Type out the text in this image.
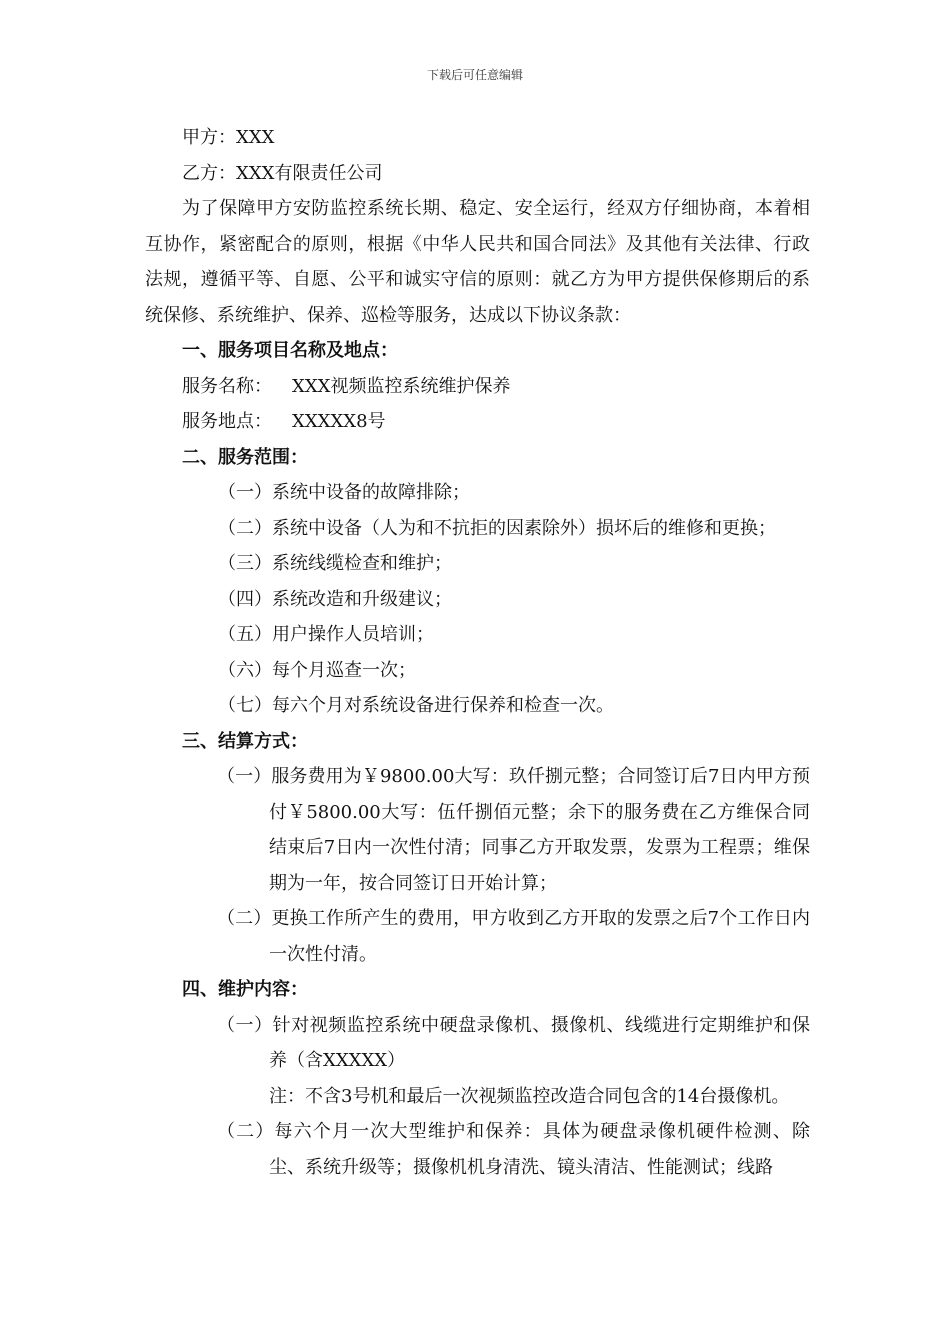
下载后可任意编辑
甲方：XXX
乙方：XXX有限责任公司
为了保障甲方安防监控系统长期、稳定、安全运行，经双方仔细协商，本着相互协作，紧密配合的原则，根据《中华人民共和国合同法》及其他有关法律、行政法规，遵循平等、自愿、公平和诚实守信的原则：就乙方为甲方提供保修期后的系统保修、系统维护、保养、巡检等服务，达成以下协议条款：
一、服务项目名称及地点：
服务名称： XXX视频监控系统维护保养
服务地点： XXXXX8号
二、服务范围：
（一）系统中设备的故障排除；
（二）系统中设备（人为和不抗拒的因素除外）损坏后的维修和更换；
（三）系统线缆检查和维护；
（四）系统改造和升级建议；
（五）用户操作人员培训；
（六）每个月巡查一次；
（七）每六个月对系统设备进行保养和检查一次。
三、结算方式：
（一）服务费用为￥9800.00大写：玖仟捌元整；合同签订后7日内甲方预付￥5800.00大写：伍仟捌佰元整；余下的服务费在乙方维保合同结束后7日内一次性付清；同事乙方开取发票，发票为工程票；维保期为一年，按合同签订日开始计算；
（二）更换工作所产生的费用，甲方收到乙方开取的发票之后7个工作日内一次性付清。
四、维护内容：
（一）针对视频监控系统中硬盘录像机、摄像机、线缆进行定期维护和保养（含XXXXX）
注：不含3号机和最后一次视频监控改造合同包含的14台摄像机。
（二）每六个月一次大型维护和保养：具体为硬盘录像机硬件检测、除尘、系统升级等；摄像机机身清洗、镜头清洁、性能测试；线路
